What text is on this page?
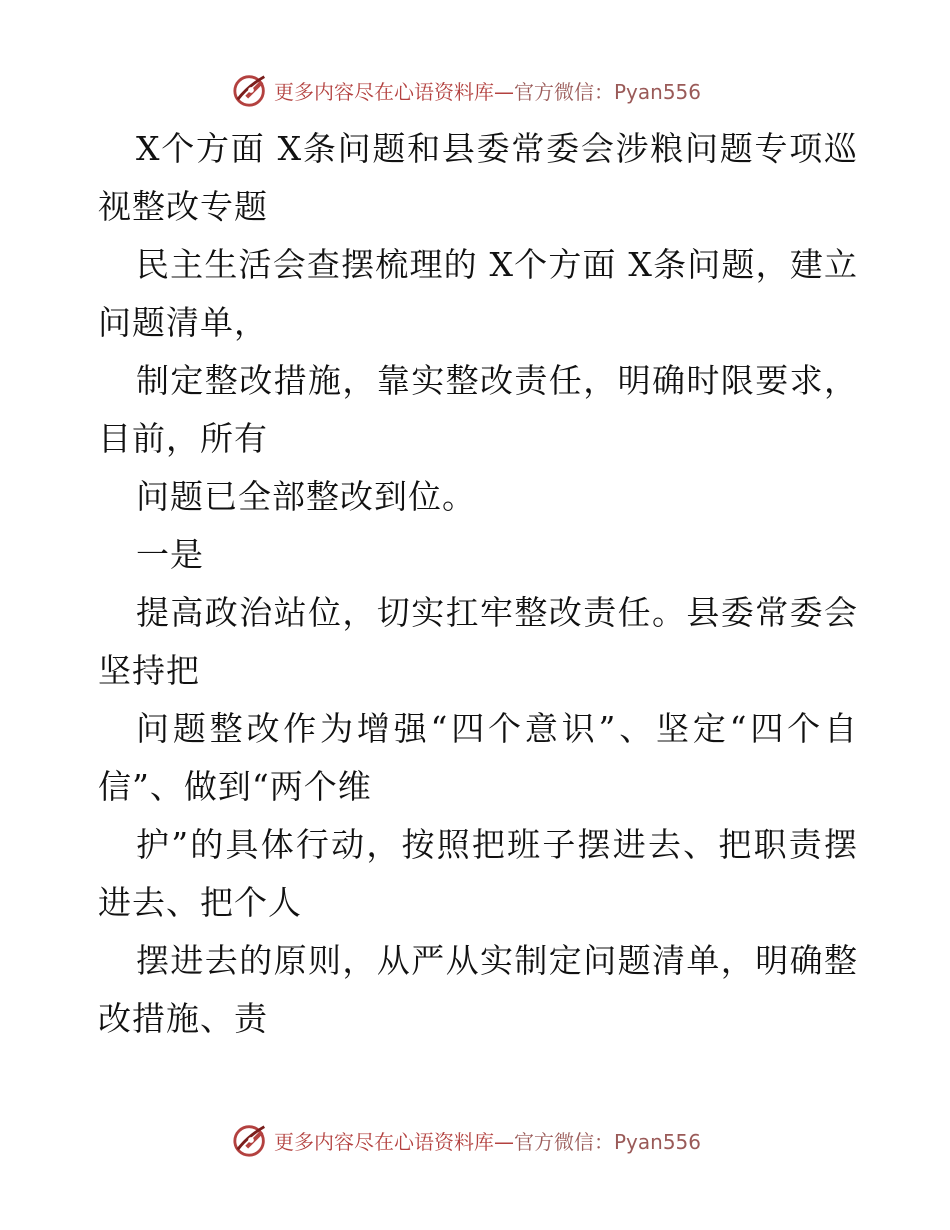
更多内容尽在心语资料库—官方微信：Pyan556

X个方面 X条问题和县委常委会涉粮问题专项巡视整改专题

民主生活会查摆梳理的 X个方面 X条问题，建立问题清单，

制定整改措施，靠实整改责任，明确时限要求，目前，所有

问题已全部整改到位。

一是

提高政治站位，切实扛牢整改责任。县委常委会坚持把

问题整改作为增强“四个意识”、坚定“四个自信”、做到“两个维

护”的具体行动，按照把班子摆进去、把职责摆进去、把个人

摆进去的原则，从严从实制定问题清单，明确整改措施、责

更多内容尽在心语资料库—官方微信：Pyan556
